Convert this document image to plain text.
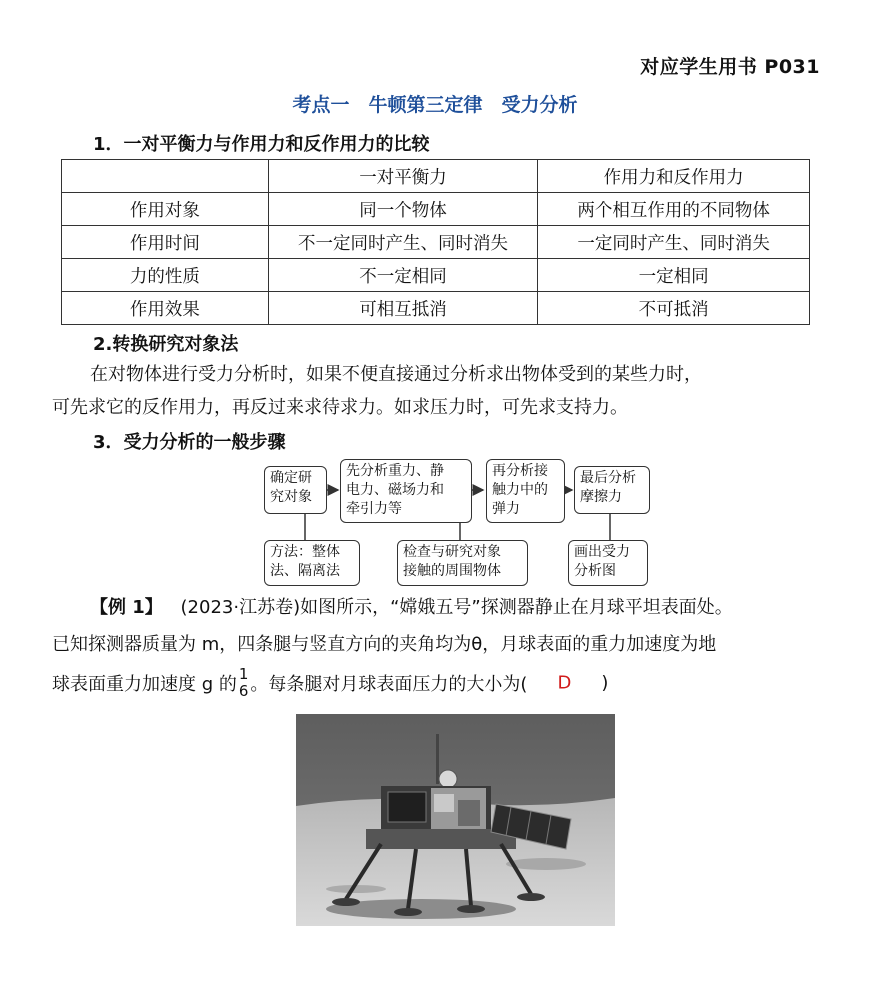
对应学生用书 P031
考点一　牛顿第三定律　受力分析
1．一对平衡力与作用力和反作用力的比较
	一对平衡力	作用力和反作用力
作用对象	同一个物体	两个相互作用的不同物体
作用时间	不一定同时产生、同时消失	一定同时产生、同时消失
力的性质	不一定相同	一定相同
作用效果	可相互抵消	不可抵消
2.转换研究对象法
在对物体进行受力分析时，如果不便直接通过分析求出物体受到的某些力时，
可先求它的反作用力，再反过来求待求力。如求压力时，可先求支持力。
3．受力分析的一般步骤
确定研
究对象
先分析重力、静
电力、磁场力和
牵引力等
再分析接
触力中的
弹力
最后分析
摩擦力
方法：整体
法、隔离法
检查与研究对象
接触的周围物体
画出受力
分析图
【例 1】 (2023·江苏卷)如图所示，“嫦娥五号”探测器静止在月球平坦表面处。
已知探测器质量为 m，四条腿与竖直方向的夹角均为θ，月球表面的重力加速度为地
球表面重力加速度 g 的 1
6 。每条腿对月球表面压力的大小为( D )
